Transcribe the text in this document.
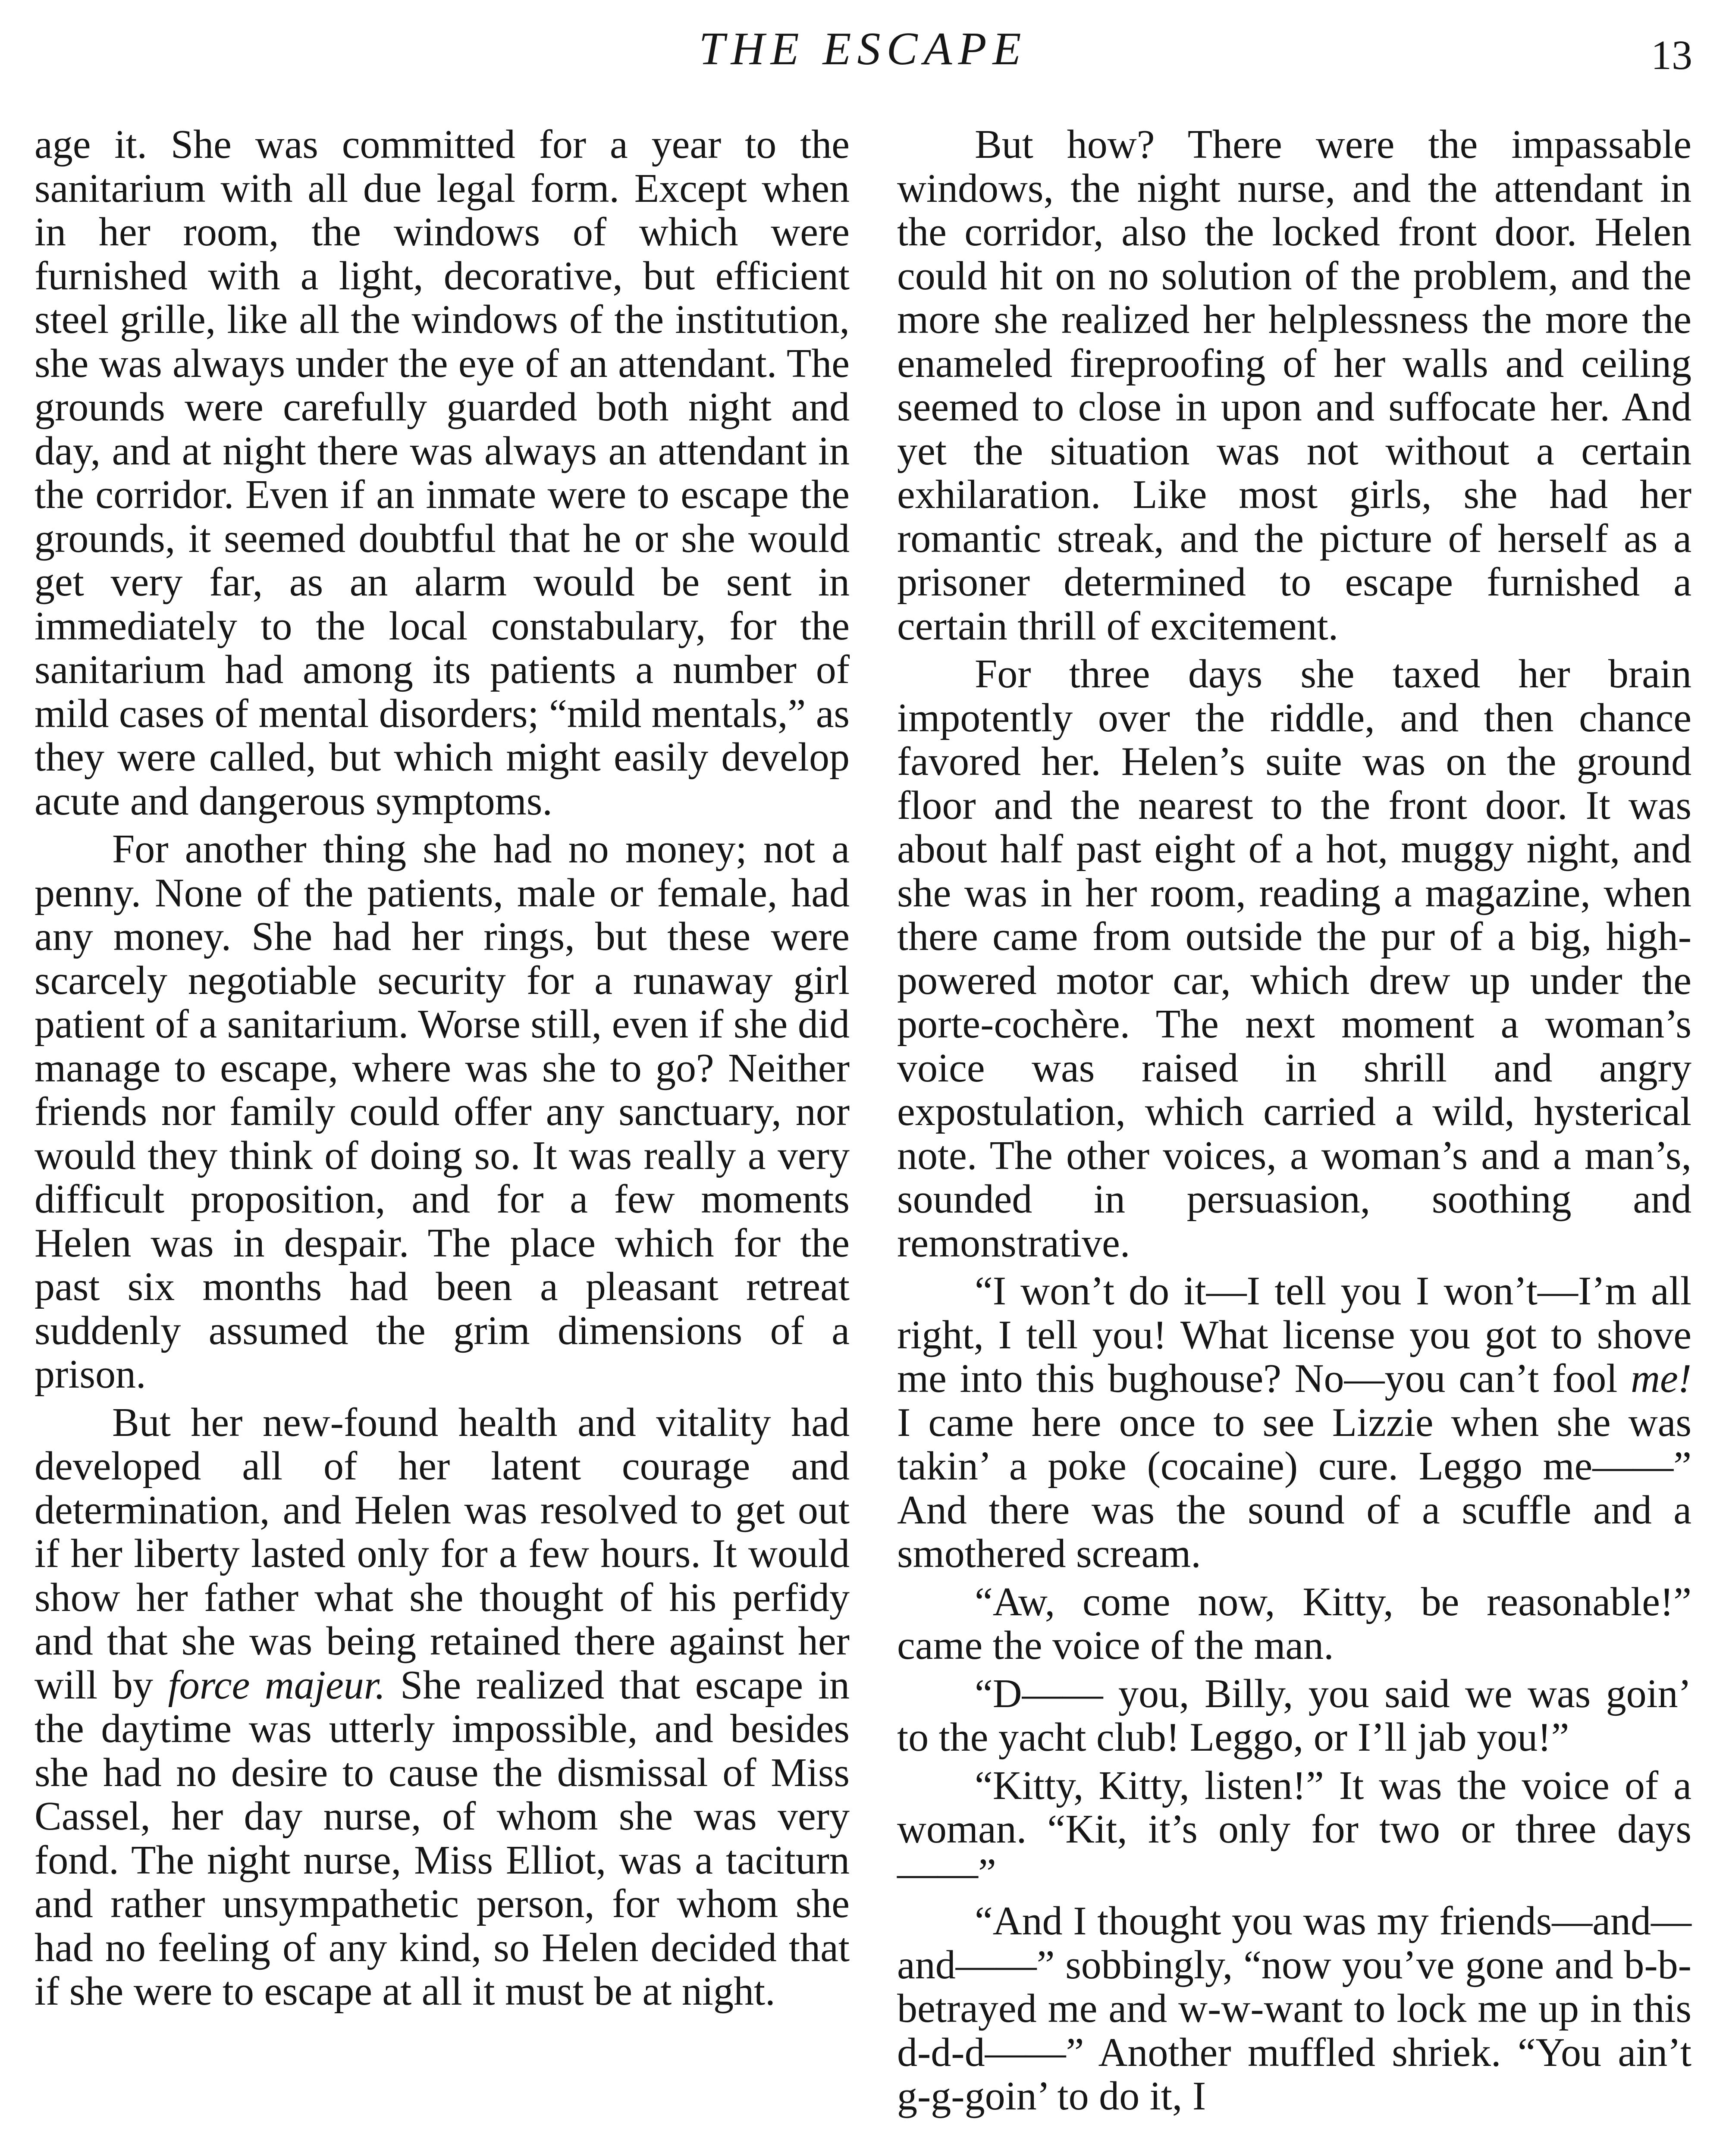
THE ESCAPE	13

age it. She was committed for a year to the sanitarium with all due legal form. Except when in her room, the windows of which were furnished with a light, decorative, but efficient steel grille, like all the windows of the institution, she was always under the eye of an attendant. The grounds were carefully guarded both night and day, and at night there was always an attendant in the corridor. Even if an inmate were to escape the grounds, it seemed doubtful that he or she would get very far, as an alarm would be sent in immediately to the local constabulary, for the sanitarium had among its patients a number of mild cases of mental disorders; “mild mentals,” as they were called, but which might easily develop acute and dangerous symptoms.

For another thing she had no money; not a penny. None of the patients, male or female, had any money. She had her rings, but these were scarcely negotiable security for a runaway girl patient of a sanitarium. Worse still, even if she did manage to escape, where was she to go? Neither friends nor family could offer any sanctuary, nor would they think of doing so. It was really a very difficult proposition, and for a few moments Helen was in despair. The place which for the past six months had been a pleasant retreat suddenly assumed the grim dimensions of a prison.

But her new-found health and vitality had developed all of her latent courage and determination, and Helen was resolved to get out if her liberty lasted only for a few hours. It would show her father what she thought of his perfidy and that she was being retained there against her will by force majeur. She realized that escape in the daytime was utterly impossible, and besides she had no desire to cause the dismissal of Miss Cassel, her day nurse, of whom she was very fond. The night nurse, Miss Elliot, was a taciturn and rather unsympathetic person, for whom she had no feeling of any kind, so Helen decided that if she were to escape at all it must be at night.

But how? There were the impassable windows, the night nurse, and the attendant in the corridor, also the locked front door. Helen could hit on no solution of the problem, and the more she realized her helplessness the more the enameled fireproofing of her walls and ceiling seemed to close in upon and suffocate her. And yet the situation was not without a certain exhilaration. Like most girls, she had her romantic streak, and the picture of herself as a prisoner determined to escape furnished a certain thrill of excitement.

For three days she taxed her brain impotently over the riddle, and then chance favored her. Helen’s suite was on the ground floor and the nearest to the front door. It was about half past eight of a hot, muggy night, and she was in her room, reading a magazine, when there came from outside the pur of a big, high-powered motor car, which drew up under the porte-cochère. The next moment a woman’s voice was raised in shrill and angry expostulation, which carried a wild, hysterical note. The other voices, a woman’s and a man’s, sounded in persuasion, soothing and remonstrative.

“I won’t do it—I tell you I won’t—I’m all right, I tell you! What license you got to shove me into this bughouse? No—you can’t fool me! I came here once to see Lizzie when she was takin’ a poke (cocaine) cure. Leggo me——” And there was the sound of a scuffle and a smothered scream.

“Aw, come now, Kitty, be reasonable!” came the voice of the man.

“D—— you, Billy, you said we was goin’ to the yacht club! Leggo, or I’ll jab you!”

“Kitty, Kitty, listen!” It was the voice of a woman. “Kit, it’s only for two or three days——”

“And I thought you was my friends—and—and——” sobbingly, “now you’ve gone and b-b-betrayed me and w-w-want to lock me up in this d-d-d——” Another muffled shriek. “You ain’t g-g-goin’ to do it, I
